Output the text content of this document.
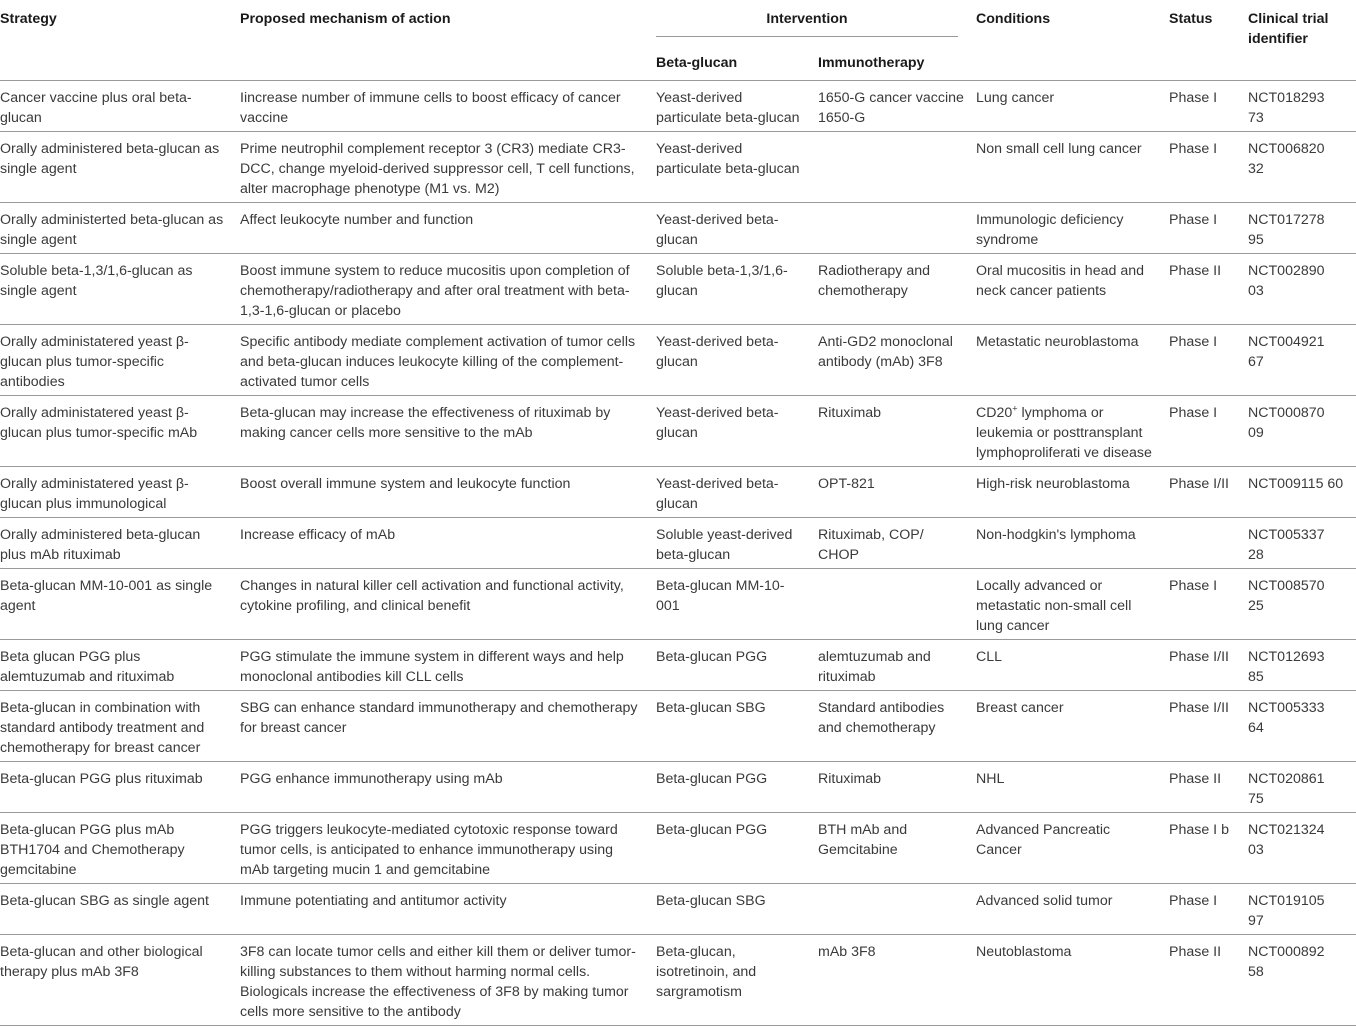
Strategy	Proposed mechanism of action	Intervention		Conditions	Status	Clinical trial identifier

		Beta-glucan	Immunotherapy			

Cancer vaccine plus oral beta-glucan	Iincrease number of immune cells to boost efficacy of cancer vaccine	Yeast-derived particulate beta-glucan	1650-G cancer vaccine 1650-G	Lung cancer	Phase I	NCT018293 73

Orally administered beta-glucan as single agent	Prime neutrophil complement receptor 3 (CR3) mediate CR3-DCC, change myeloid-derived suppressor cell, T cell functions, alter macrophage phenotype (M1 vs. M2)	Yeast-derived particulate beta-glucan		Non small cell lung cancer	Phase I	NCT006820 32

Orally administerted beta-glucan as single agent	Affect leukocyte number and function	Yeast-derived beta-glucan		Immunologic deficiency syndrome	Phase I	NCT017278 95

Soluble beta-1,3/1,6-glucan as single agent	Boost immune system to reduce mucositis upon completion of chemotherapy/radiotherapy and after oral treatment with beta-1,3-1,6-glucan or placebo	Soluble beta-1,3/1,6-glucan	Radiotherapy and chemotherapy	Oral mucositis in head and neck cancer patients	Phase II	NCT002890 03

Orally administatered yeast β-glucan plus tumor-specific antibodies	Specific antibody mediate complement activation of tumor cells and beta-glucan induces leukocyte killing of the complement-activated tumor cells	Yeast-derived beta-glucan	Anti-GD2 monoclonal antibody (mAb) 3F8	Metastatic neuroblastoma	Phase I	NCT004921 67

Orally administatered yeast β-glucan plus tumor-specific mAb	Beta-glucan may increase the effectiveness of rituximab by making cancer cells more sensitive to the mAb	Yeast-derived beta-glucan	Rituximab	CD20+ lymphoma or leukemia or posttransplant lymphoproliferati ve disease	Phase I	NCT000870 09

Orally administatered yeast β-glucan plus immunological	Boost overall immune system and leukocyte function	Yeast-derived beta-glucan	OPT-821	High-risk neuroblastoma	Phase I/II	NCT009115 60

Orally administered beta-glucan plus mAb rituximab	Increase efficacy of mAb	Soluble yeast-derived beta-glucan	Rituximab, COP/ CHOP	Non-hodgkin's lymphoma		NCT005337 28

Beta-glucan MM-10-001 as single agent	Changes in natural killer cell activation and functional activity, cytokine profiling, and clinical benefit	Beta-glucan MM-10-001		Locally advanced or metastatic non-small cell lung cancer	Phase I	NCT008570 25

Beta glucan PGG plus alemtuzumab and rituximab	PGG stimulate the immune system in different ways and help monoclonal antibodies kill CLL cells	Beta-glucan PGG	alemtuzumab and rituximab	CLL	Phase I/II	NCT012693 85

Beta-glucan in combination with standard antibody treatment and chemotherapy for breast cancer	SBG can enhance standard immunotherapy and chemotherapy for breast cancer	Beta-glucan SBG	Standard antibodies and chemotherapy	Breast cancer	Phase I/II	NCT005333 64

Beta-glucan PGG plus rituximab	PGG enhance immunotherapy using mAb	Beta-glucan PGG	Rituximab	NHL	Phase II	NCT020861 75

Beta-glucan PGG plus mAb BTH1704 and Chemotherapy gemcitabine	PGG triggers leukocyte-mediated cytotoxic response toward tumor cells, is anticipated to enhance immunotherapy using mAb targeting mucin 1 and gemcitabine	Beta-glucan PGG	BTH mAb and Gemcitabine	Advanced Pancreatic Cancer	Phase I b	NCT021324 03

Beta-glucan SBG as single agent	Immune potentiating and antitumor activity	Beta-glucan SBG		Advanced solid tumor	Phase I	NCT019105 97

Beta-glucan and other biological therapy plus mAb 3F8	3F8 can locate tumor cells and either kill them or deliver tumor-killing substances to them without harming normal cells. Biologicals increase the effectiveness of 3F8 by making tumor cells more sensitive to the antibody	Beta-glucan, isotretinoin, and sargramotism	mAb 3F8	Neutoblastoma	Phase II	NCT000892 58
